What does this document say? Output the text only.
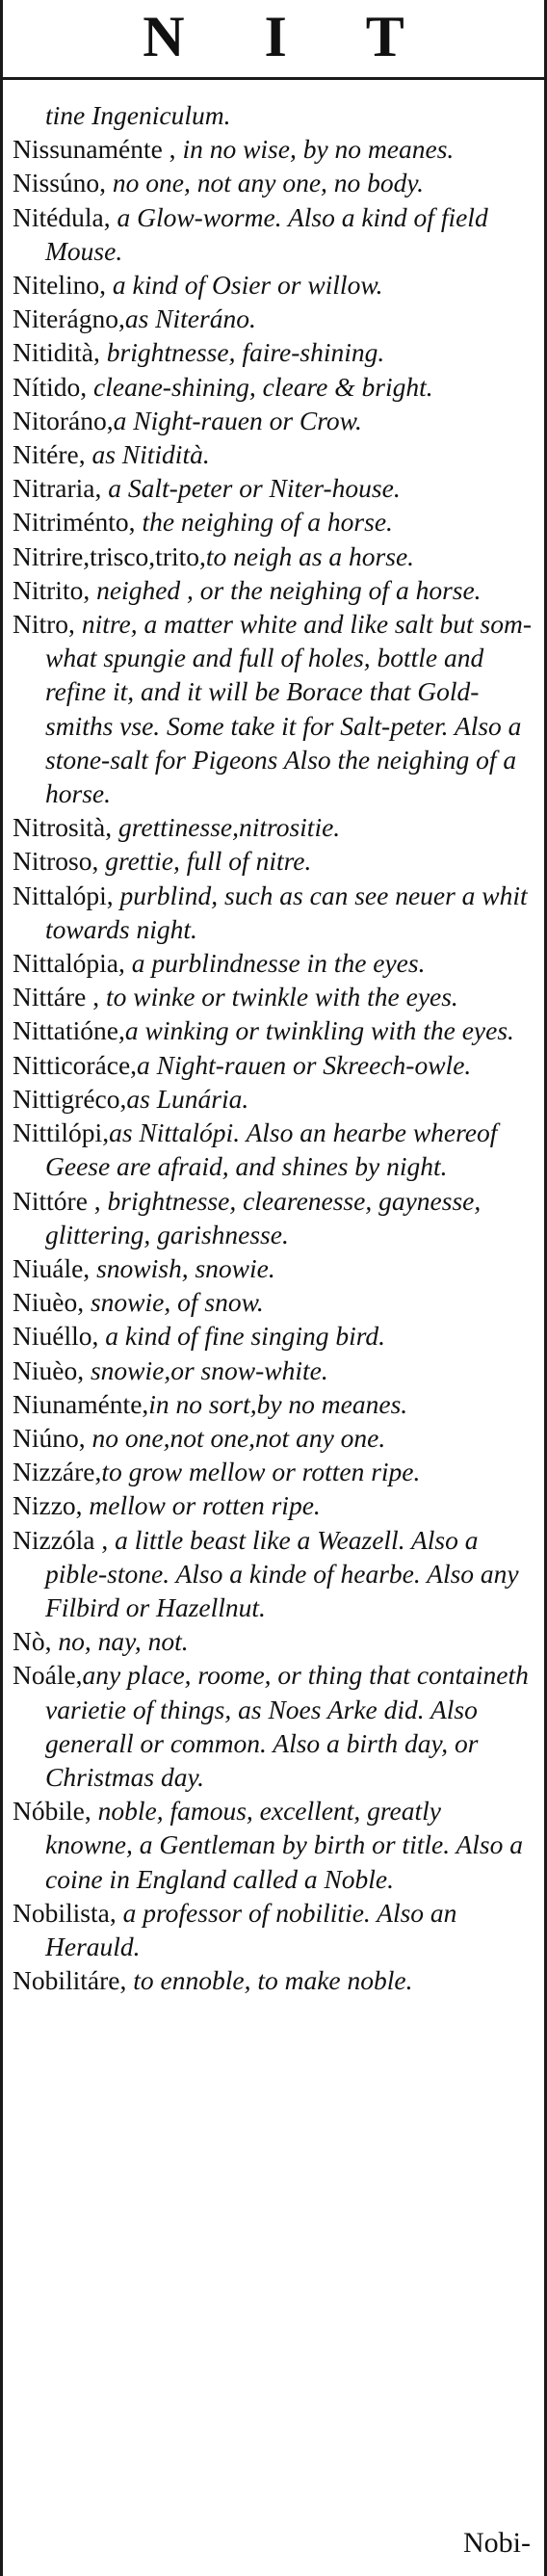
N I T

tine Ingeniculum.

Nissunaménte , in no wise, by no meanes.

Nissúno, no one, not any one, no body.

Nitédula, a Glow-worme. Also a kind of field Mouse.

Nitelino, a kind of Osier or willow.

Niterágno,as Niteráno.

Nitidità, brightnesse, faire-shining.

Nítido, cleane-shining, cleare & bright.

Nitoráno,a Night-rauen or Crow.

Nitére, as Nitidità.

Nitraria, a Salt-peter or Niter-house.

Nitriménto, the neighing of a horse.

Nitrire,trisco,trito,to neigh as a horse.

Nitrito, neighed , or the neighing of a horse.

Nitro, nitre, a matter white and like salt but som-what spungie and full of holes, bottle and refine it, and it will be Borace that Gold-smiths vse. Some take it for Salt-peter. Also a stone-salt for Pigeons Also the neighing of a horse.

Nitrosità, grettinesse,nitrositie.

Nitroso, grettie, full of nitre.

Nittalópi, purblind, such as can see neuer a whit towards night.

Nittalópia, a purblindnesse in the eyes.

Nittáre , to winke or twinkle with the eyes.

Nittatióne,a winking or twinkling with the eyes.

Nitticoráce,a Night-rauen or Skreech-owle.

Nittigréco,as Lunária.

Nittilópi,as Nittalópi. Also an hearbe whereof Geese are afraid, and shines by night.

Nittóre , brightnesse, clearenesse, gaynesse, glittering, garishnesse.

Niuále, snowish, snowie.

Niuèo, snowie, of snow.

Niuéllo, a kind of fine singing bird.

Niuèo, snowie,or snow-white.

Niunaménte,in no sort,by no meanes.

Niúno, no one,not one,not any one.

Nizzáre,to grow mellow or rotten ripe.

Nizzo, mellow or rotten ripe.

Nizzóla , a little beast like a Weazell. Also a pible-stone. Also a kinde of hearbe. Also any Filbird or Hazellnut.

Nò, no, nay, not.

Noále,any place, roome, or thing that containeth varietie of things, as Noes Arke did. Also generall or common. Also a birth day, or Christmas day.

Nóbile, noble, famous, excellent, greatly knowne, a Gentleman by birth or title. Also a coine in England called a Noble.

Nobilista, a professor of nobilitie. Also an Herauld.

Nobilitáre, to ennoble, to make noble.

Nobi-
